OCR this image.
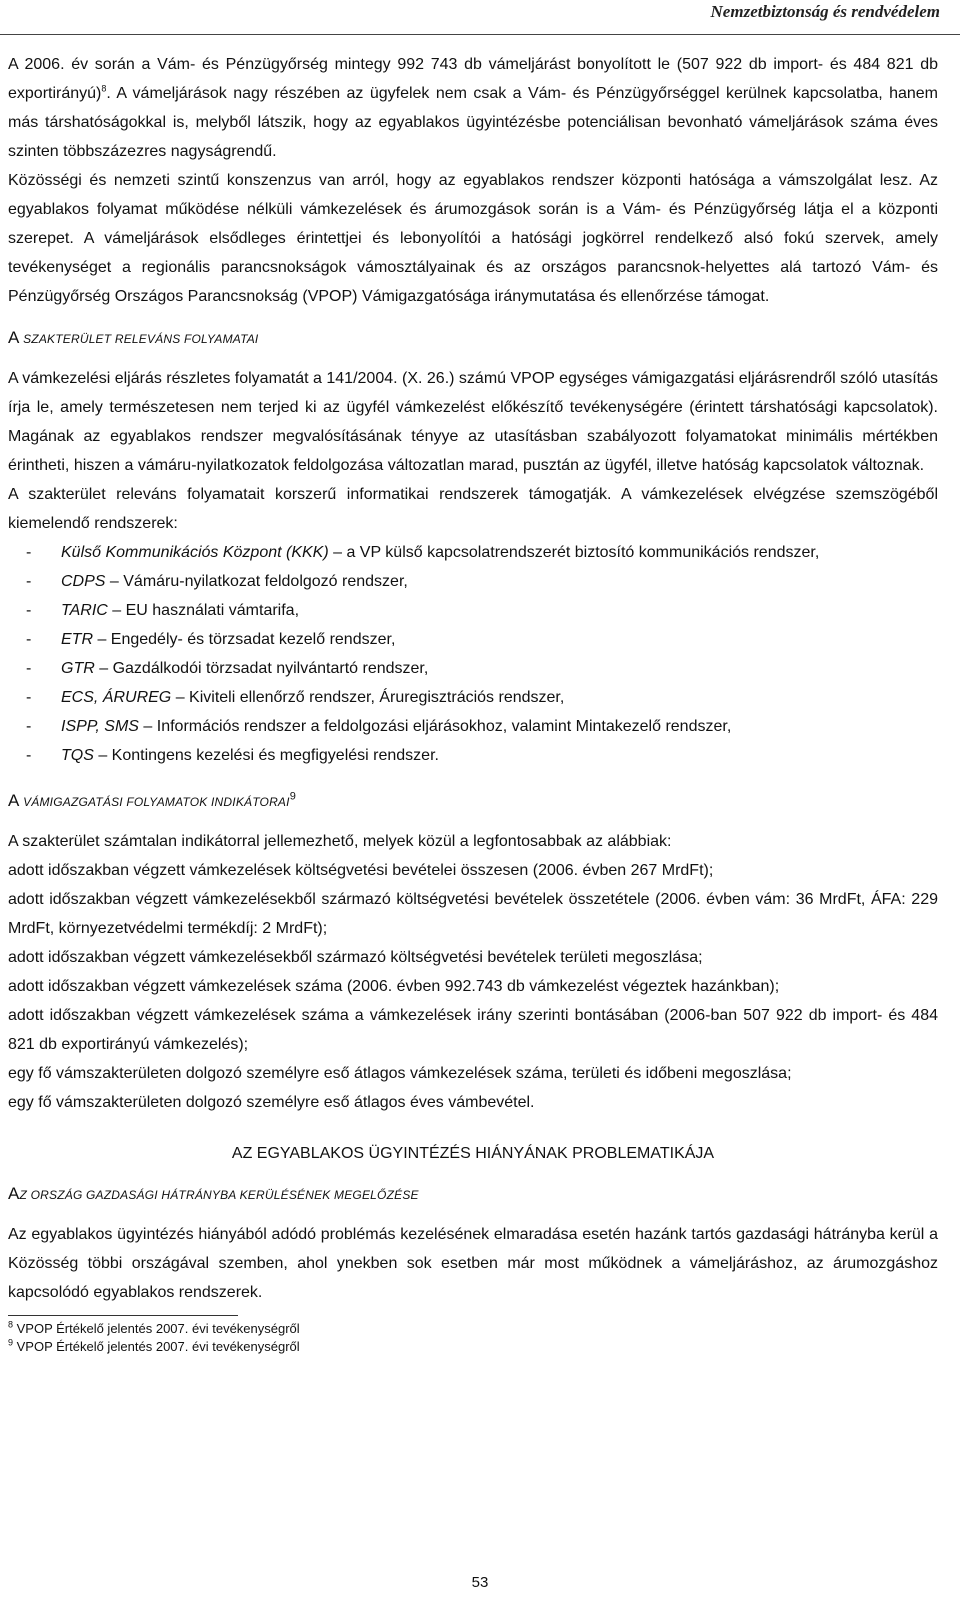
Nemzetbiztonság és rendvédelem

A 2006. év során a Vám- és Pénzügyőrség mintegy 992 743 db vámeljárást bonyolított le (507 922 db import- és 484 821 db exportirányú)$^8$. A vámeljárások nagy részében az ügyfelek nem csak a Vám- és Pénzügyőrséggel kerülnek kapcsolatba, hanem más társhatóságokkal is, melyből látszik, hogy az egyablakos ügyintézésbe potenciálisan bevonható vámeljárások száma éves szinten többszázezres nagyságrendű.

Közösségi és nemzeti szintű konszenzus van arról, hogy az egyablakos rendszer központi hatósága a vámszolgálat lesz. Az egyablakos folyamat működése nélküli vámkezelések és árumozgások során is a Vám- és Pénzügyőrség látja el a központi szerepet. A vámeljárások elsődleges érintettjei és lebonyolítói a hatósági jogkörrel rendelkező alsó fokú szervek, amely tevékenységet a regionális parancsnokságok vámosztályainak és az országos parancsnok-helyettes alá tartozó Vám- és Pénzügyőrség Országos Parancsnokság (VPOP) Vámigazgatósága iránymutatása és ellenőrzése támogat.

A SZAKTERÜLET RELEVÁNS FOLYAMATAI

A vámkezelési eljárás részletes folyamatát a 141/2004. (X. 26.) számú VPOP egységes vámigazgatási eljárásrendről szóló utasítás írja le, amely természetesen nem terjed ki az ügyfél vámkezelést előkészítő tevékenységére (érintett társhatósági kapcsolatok). Magának az egyablakos rendszer megvalósításának tényye az utasításban szabályozott folyamatokat minimális mértékben érintheti, hiszen a vámáru-nyilatkozatok feldolgozása változatlan marad, pusztán az ügyfél, illetve hatóság kapcsolatok változnak.

A szakterület releváns folyamatait korszerű informatikai rendszerek támogatják. A vámkezelések elvégzése szemszögéből kiemelendő rendszerek:

- Külső Kommunikációs Központ (KKK) – a VP külső kapcsolatrendszerét biztosító kommunikációs rendszer,
- CDPS – Vámáru-nyilatkozat feldolgozó rendszer,
- TARIC – EU használati vámtarifa,
- ETR – Engedély- és törzsadat kezelő rendszer,
- GTR – Gazdálkodói törzsadat nyilvántartó rendszer,
- ECS, ÁRUREG – Kiviteli ellenőrző rendszer, Áruregisztrációs rendszer,
- ISPP, SMS – Információs rendszer a feldolgozási eljárásokhoz, valamint Mintakezelő rendszer,
- TQS – Kontingens kezelési és megfigyelési rendszer.
A VÁMIGAZGATÁSI FOLYAMATOK INDIKÁTORAI$^9$

A szakterület számtalan indikátorral jellemezhető, melyek közül a legfontosabbak az alábbiak:

adott időszakban végzett vámkezelések költségvetési bevételei összesen (2006. évben 267 MrdFt);

adott időszakban végzett vámkezelésekből származó költségvetési bevételek összetétele (2006. évben vám: 36 MrdFt, ÁFA: 229 MrdFt, környezetvédelmi termékdíj: 2 MrdFt);

adott időszakban végzett vámkezelésekből származó költségvetési bevételek területi megoszlása;

adott időszakban végzett vámkezelések száma (2006. évben 992.743 db vámkezelést végeztek hazánkban);

adott időszakban végzett vámkezelések száma a vámkezelések irány szerinti bontásában (2006-ban 507 922 db import- és 484 821 db exportirányú vámkezelés);

egy fő vámszakterületen dolgozó személyre eső átlagos vámkezelések száma, területi és időbeni megoszlása;

egy fő vámszakterületen dolgozó személyre eső átlagos éves vámbevétel.

AZ EGYABLAKOS ÜGYINTÉZÉS HIÁNYÁNAK PROBLEMATIKÁJA
AZ ORSZÁG GAZDASÁGI HÁTRÁNYBA KERÜLÉSÉNEK MEGELŐZÉSE

Az egyablakos ügyintézés hiányából adódó problémás kezelésének elmaradása esetén hazánk tartós gazdasági hátrányba kerül a Közösség többi országával szemben, ahol ynekben sok esetben már most működnek a vámeljáráshoz, az árumozgáshoz kapcsolódó egyablakos rendszerek.

$^8$ VPOP Értékelő jelentés 2007. évi tevékenységről
$^9$ VPOP Értékelő jelentés 2007. évi tevékenységről
53
